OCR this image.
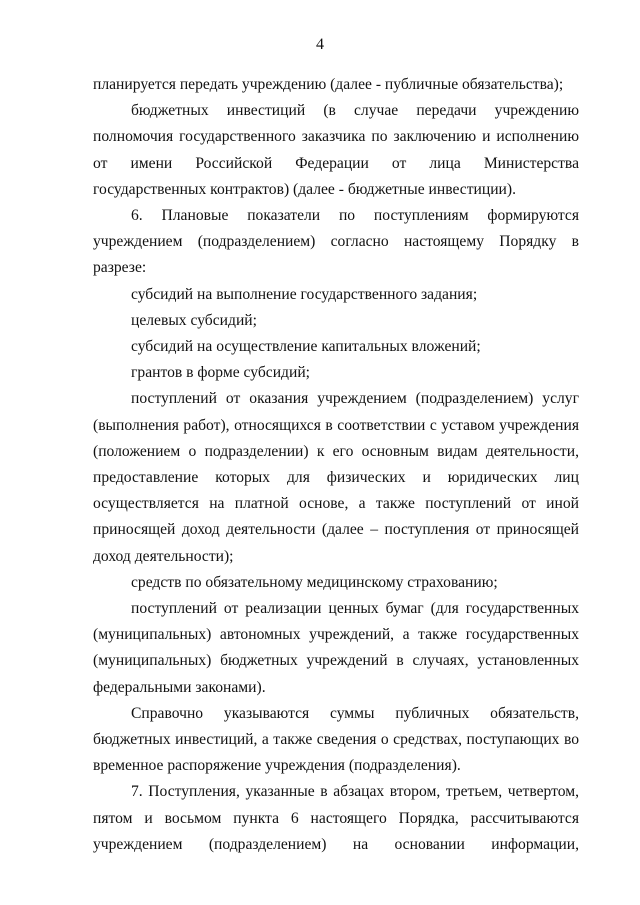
4

планируется передать учреждению (далее - публичные обязательства);

бюджетных инвестиций (в случае передачи учреждению полномочия государственного заказчика по заключению и исполнению от имени Российской Федерации от лица Министерства государственных контрактов) (далее - бюджетные инвестиции).

6. Плановые показатели по поступлениям формируются учреждением (подразделением) согласно настоящему Порядку в разрезе:

субсидий на выполнение государственного задания;

целевых субсидий;

субсидий на осуществление капитальных вложений;

грантов в форме субсидий;

поступлений от оказания учреждением (подразделением) услуг (выполнения работ), относящихся в соответствии с уставом учреждения (положением о подразделении) к его основным видам деятельности, предоставление которых для физических и юридических лиц осуществляется на платной основе, а также поступлений от иной приносящей доход деятельности (далее – поступления от приносящей доход деятельности);

средств по обязательному медицинскому страхованию;

поступлений от реализации ценных бумаг (для государственных (муниципальных) автономных учреждений, а также государственных (муниципальных) бюджетных учреждений в случаях, установленных федеральными законами).

Справочно указываются суммы публичных обязательств, бюджетных инвестиций, а также сведения о средствах, поступающих во временное распоряжение учреждения (подразделения).

7. Поступления, указанные в абзацах втором, третьем, четвертом, пятом и восьмом пункта 6 настоящего Порядка, рассчитываются учреждением (подразделением) на основании информации,
